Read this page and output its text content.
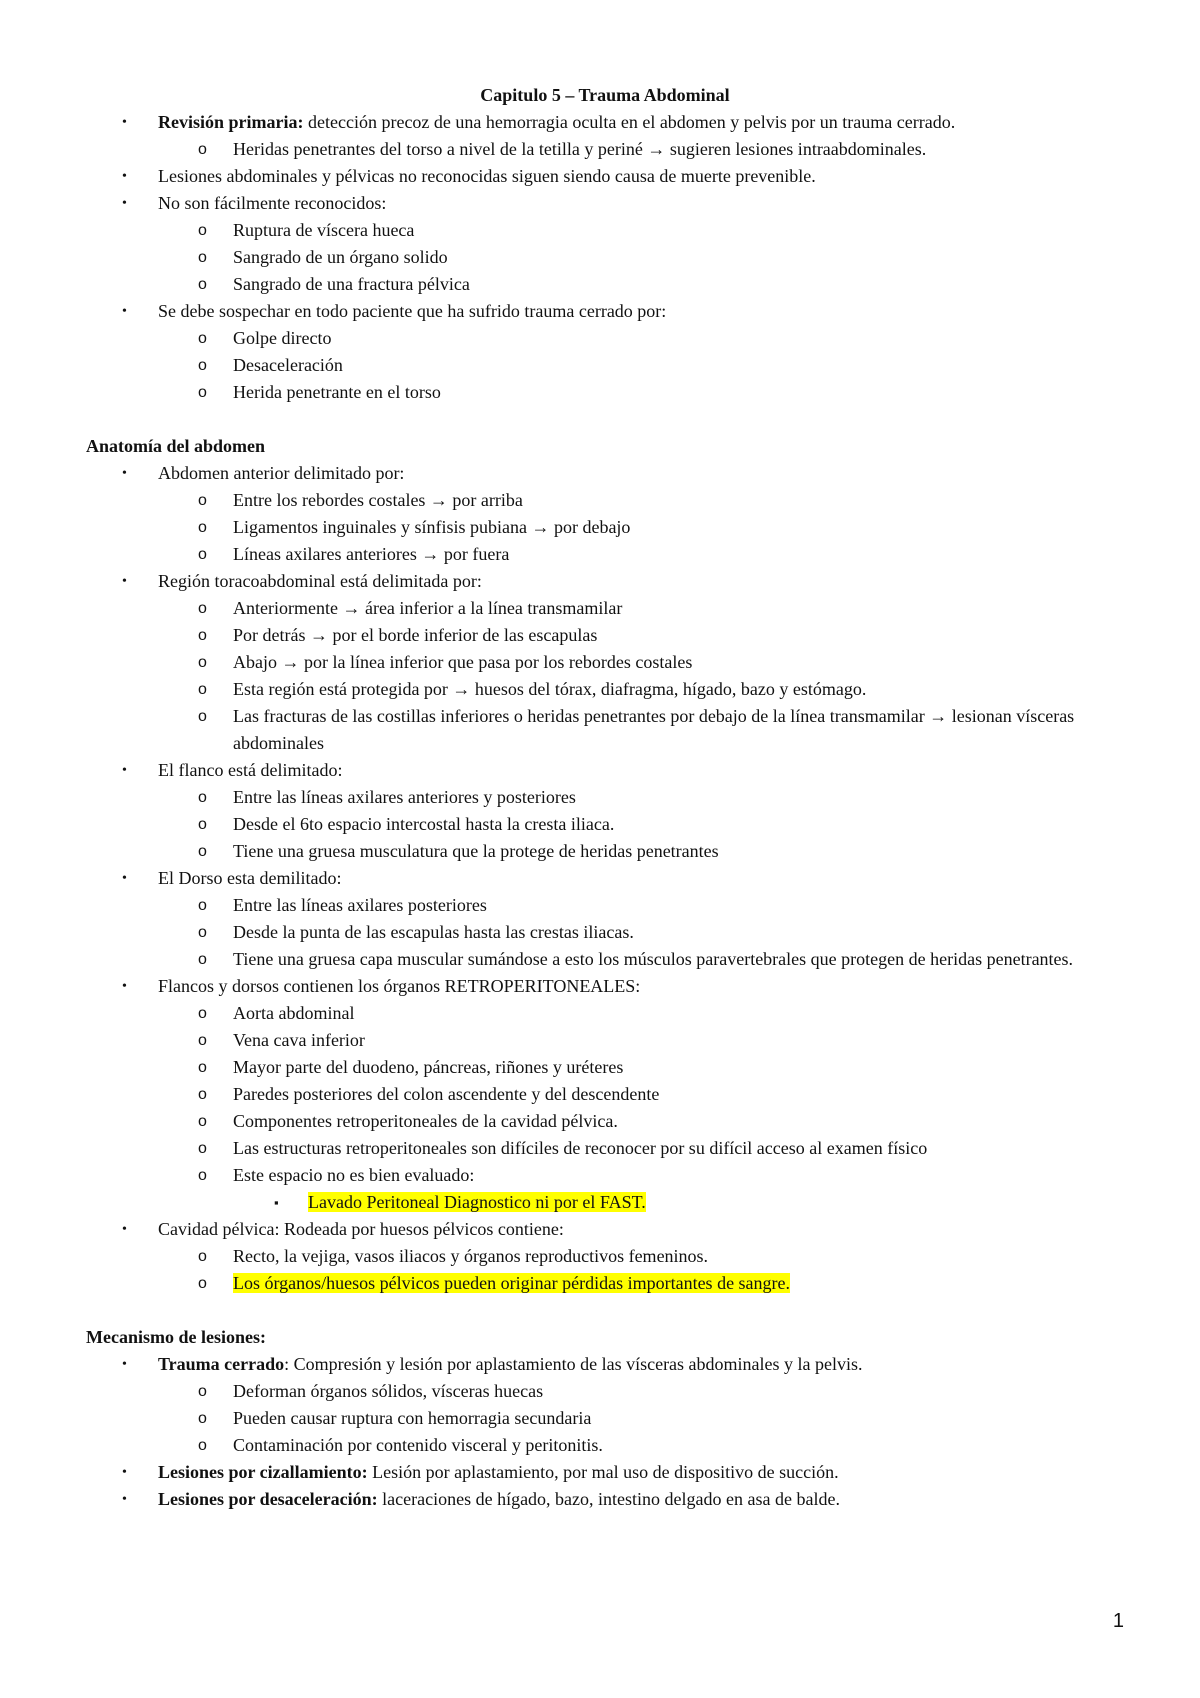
Capitulo 5 – Trauma Abdominal
• Revisión primaria: detección precoz de una hemorragia oculta en el abdomen y pelvis por un trauma cerrado.
o Heridas penetrantes del torso a nivel de la tetilla y periné → sugieren lesiones intraabdominales.
• Lesiones abdominales y pélvicas no reconocidas siguen siendo causa de muerte prevenible.
• No son fácilmente reconocidos:
o Ruptura de víscera hueca
o Sangrado de un órgano solido
o Sangrado de una fractura pélvica
• Se debe sospechar en todo paciente que ha sufrido trauma cerrado por:
o Golpe directo
o Desaceleración
o Herida penetrante en el torso
Anatomía del abdomen
• Abdomen anterior delimitado por:
o Entre los rebordes costales → por arriba
o Ligamentos inguinales y sínfisis pubiana → por debajo
o Líneas axilares anteriores → por fuera
• Región toracoabdominal está delimitada por:
o Anteriormente → área inferior a la línea transmamilar
o Por detrás → por el borde inferior de las escapulas
o Abajo → por la línea inferior que pasa por los rebordes costales
o Esta región está protegida por → huesos del tórax, diafragma, hígado, bazo y estómago.
o Las fracturas de las costillas inferiores o heridas penetrantes por debajo de la línea transmamilar → lesionan vísceras abdominales
• El flanco está delimitado:
o Entre las líneas axilares anteriores y posteriores
o Desde el 6to espacio intercostal hasta la cresta iliaca.
o Tiene una gruesa musculatura que la protege de heridas penetrantes
• El Dorso esta demilitado:
o Entre las líneas axilares posteriores
o Desde la punta de las escapulas hasta las crestas iliacas.
o Tiene una gruesa capa muscular sumándose a esto los músculos paravertebrales que protegen de heridas penetrantes.
• Flancos y dorsos contienen los órganos RETROPERITONEALES:
o Aorta abdominal
o Vena cava inferior
o Mayor parte del duodeno, páncreas, riñones y uréteres
o Paredes posteriores del colon ascendente y del descendente
o Componentes retroperitoneales de la cavidad pélvica.
o Las estructuras retroperitoneales son difíciles de reconocer por su difícil acceso al examen físico
o Este espacio no es bien evaluado:
▪ Lavado Peritoneal Diagnostico ni por el FAST.
• Cavidad pélvica: Rodeada por huesos pélvicos contiene:
o Recto, la vejiga, vasos iliacos y órganos reproductivos femeninos.
o Los órganos/huesos pélvicos pueden originar pérdidas importantes de sangre.
Mecanismo de lesiones:
• Trauma cerrado: Compresión y lesión por aplastamiento de las vísceras abdominales y la pelvis.
o Deforman órganos sólidos, vísceras huecas
o Pueden causar ruptura con hemorragia secundaria
o Contaminación por contenido visceral y peritonitis.
• Lesiones por cizallamiento: Lesión por aplastamiento, por mal uso de dispositivo de succión.
• Lesiones por desaceleración: laceraciones de hígado, bazo, intestino delgado en asa de balde.
1
